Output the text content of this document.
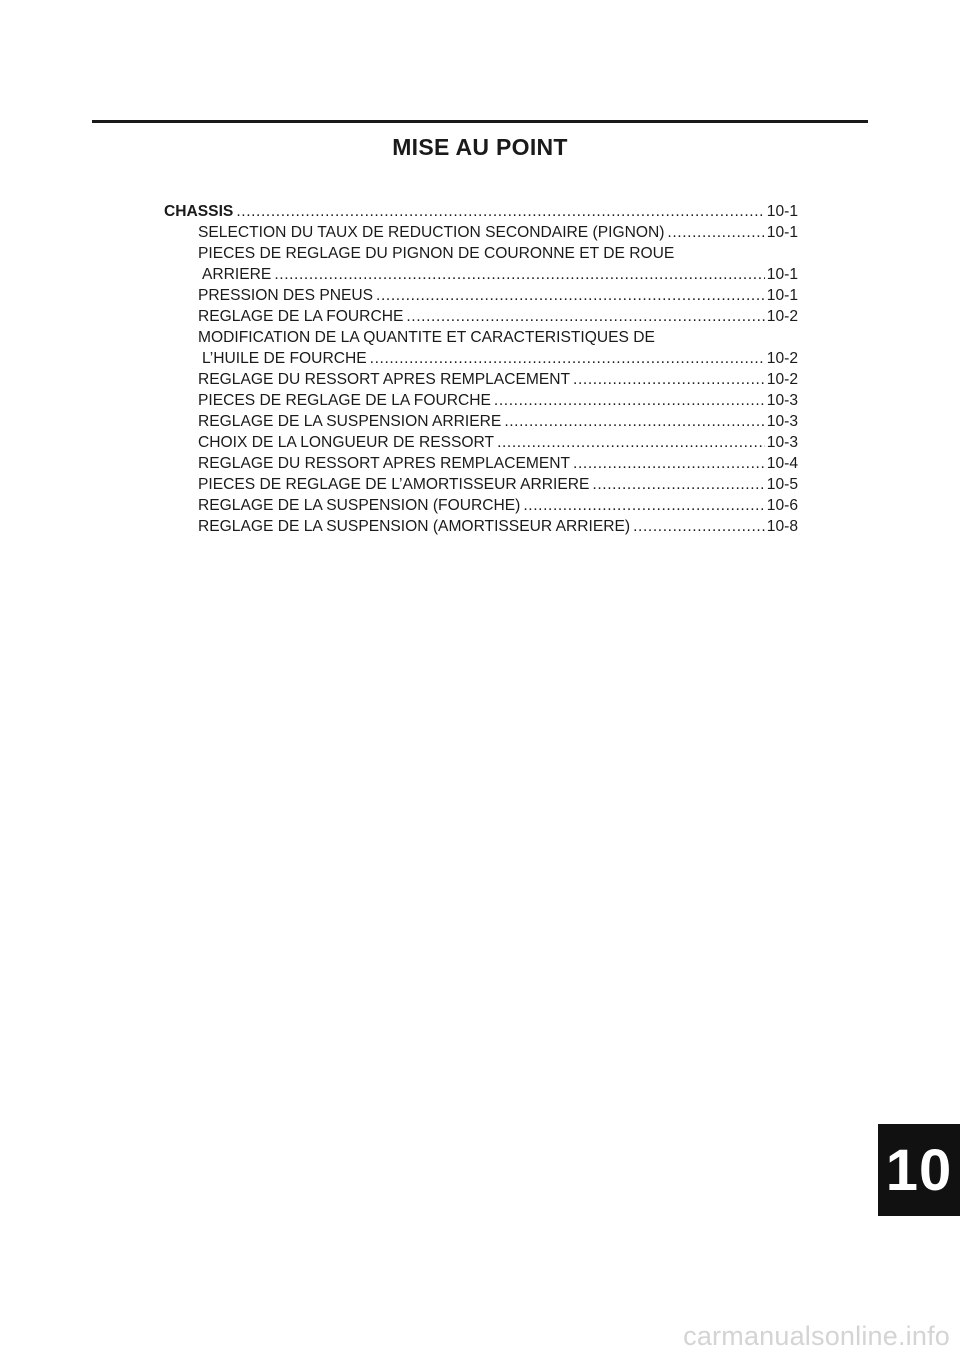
MISE AU POINT
CHASSIS .....	10-1
SELECTION DU TAUX DE REDUCTION SECONDAIRE (PIGNON) .....	10-1
PIECES DE REGLAGE DU PIGNON DE COURONNE ET DE ROUE
ARRIERE .....	10-1
PRESSION DES PNEUS .....	10-1
REGLAGE DE LA FOURCHE .....	10-2
MODIFICATION DE LA QUANTITE ET CARACTERISTIQUES DE
L’HUILE DE FOURCHE .....	10-2
REGLAGE DU RESSORT APRES REMPLACEMENT .....	10-2
PIECES DE REGLAGE DE LA FOURCHE .....	10-3
REGLAGE DE LA SUSPENSION ARRIERE .....	10-3
CHOIX DE LA LONGUEUR DE RESSORT .....	10-3
REGLAGE DU RESSORT APRES REMPLACEMENT .....	10-4
PIECES DE REGLAGE DE L’AMORTISSEUR ARRIERE .....	10-5
REGLAGE DE LA SUSPENSION (FOURCHE) .....	10-6
REGLAGE DE LA SUSPENSION (AMORTISSEUR ARRIERE) .....	10-8
10
carmanualsonline.info
